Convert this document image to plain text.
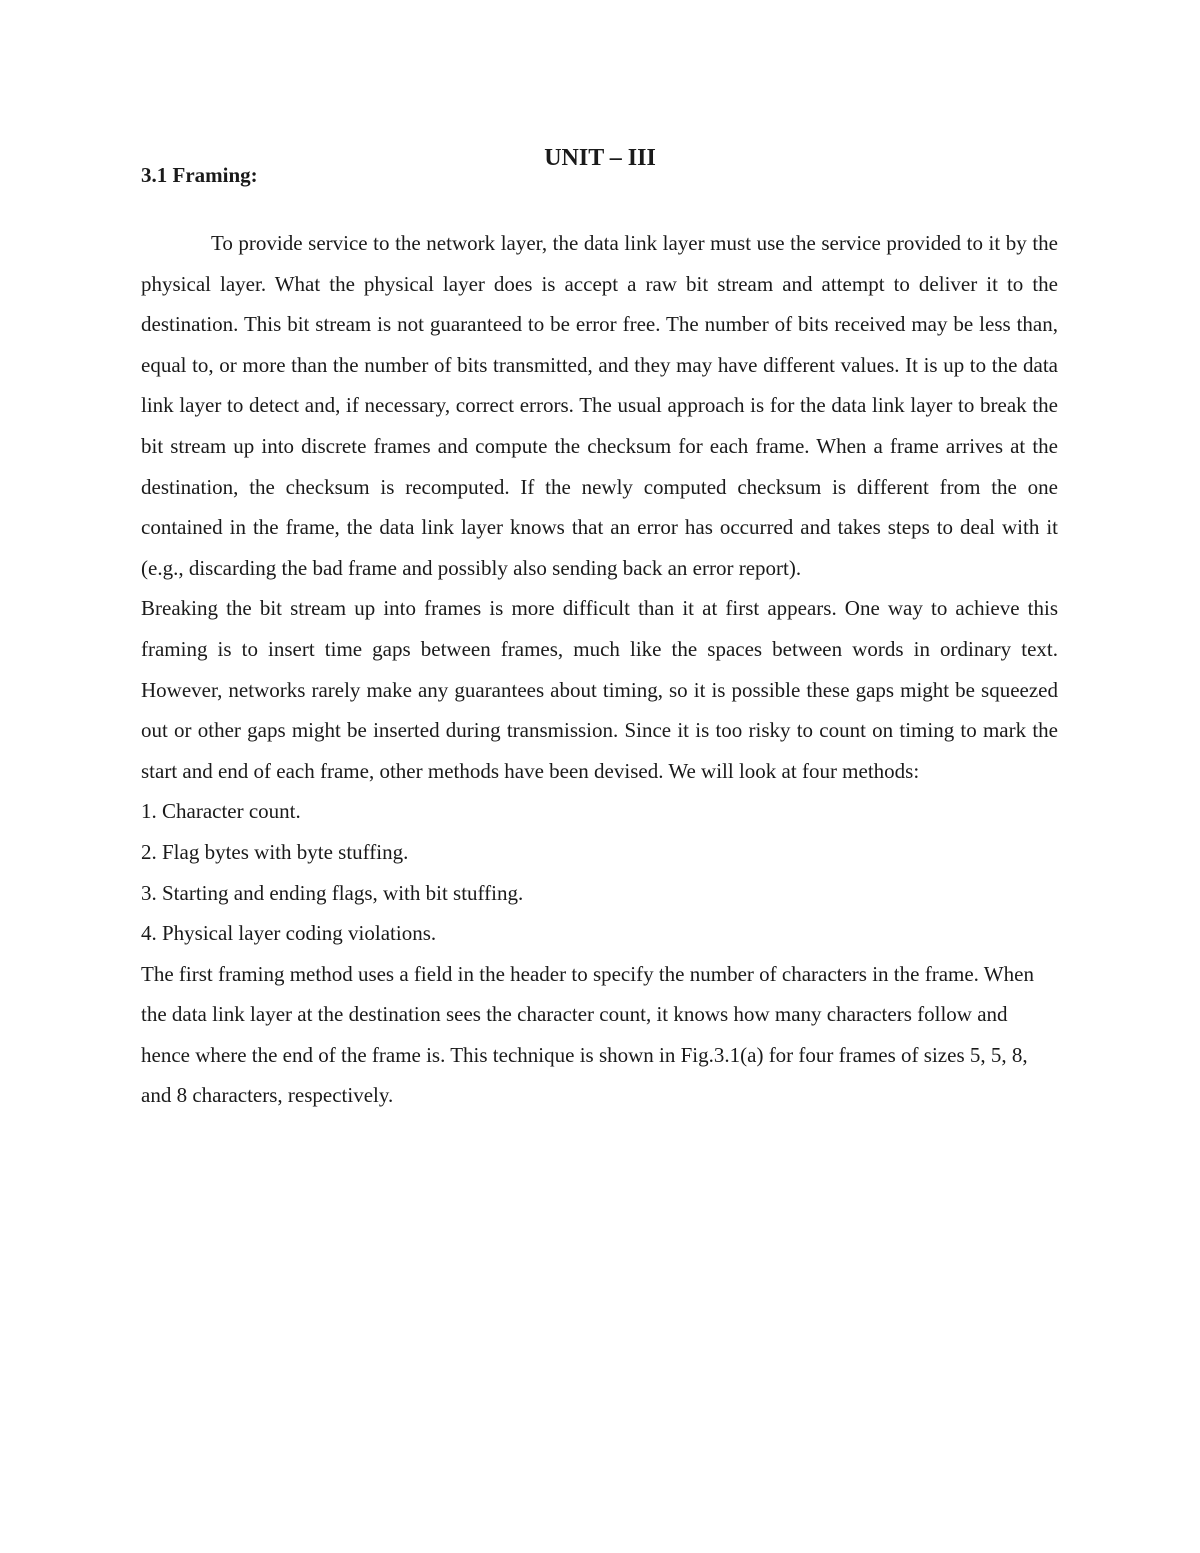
UNIT – III
3.1 Framing:

To provide service to the network layer, the data link layer must use the service provided to it by the physical layer. What the physical layer does is accept a raw bit stream and attempt to deliver it to the destination. This bit stream is not guaranteed to be error free. The number of bits received may be less than, equal to, or more than the number of bits transmitted, and they may have different values. It is up to the data link layer to detect and, if necessary, correct errors. The usual approach is for the data link layer to break the bit stream up into discrete frames and compute the checksum for each frame. When a frame arrives at the destination, the checksum is recomputed. If the newly computed checksum is different from the one contained in the frame, the data link layer knows that an error has occurred and takes steps to deal with it (e.g., discarding the bad frame and possibly also sending back an error report).

Breaking the bit stream up into frames is more difficult than it at first appears. One way to achieve this framing is to insert time gaps between frames, much like the spaces between words in ordinary text. However, networks rarely make any guarantees about timing, so it is possible these gaps might be squeezed out or other gaps might be inserted during transmission. Since it is too risky to count on timing to mark the start and end of each frame, other methods have been devised. We will look at four methods:

1. Character count.
2. Flag bytes with byte stuffing.
3. Starting and ending flags, with bit stuffing.
4. Physical layer coding violations.

The first framing method uses a field in the header to specify the number of characters in the frame. When the data link layer at the destination sees the character count, it knows how many characters follow and hence where the end of the frame is. This technique is shown in Fig.3.1(a) for four frames of sizes 5, 5, 8, and 8 characters, respectively.
